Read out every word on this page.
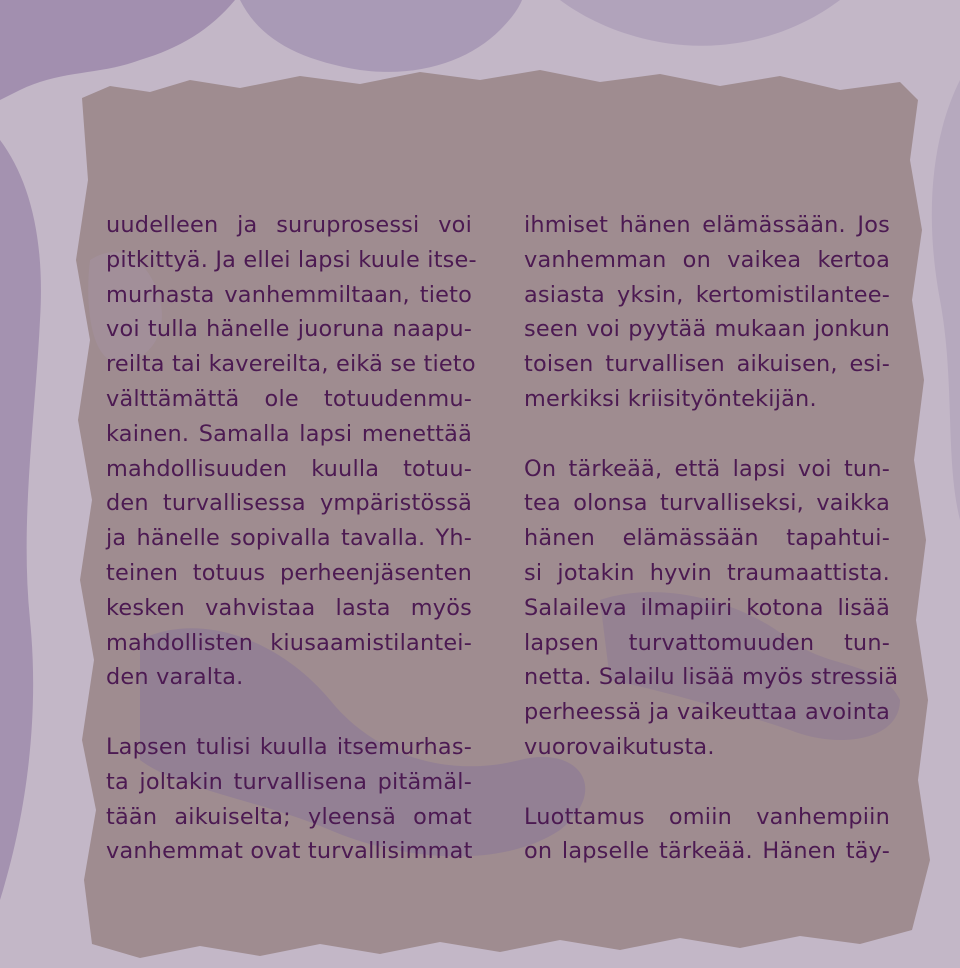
uudelleen ja suruprosessi voi
pitkittyä. Ja ellei lapsi kuule itse-
murhasta vanhemmiltaan, tieto
voi tulla hänelle juoruna naapu-
reilta tai kavereilta, eikä se tieto
välttämättä ole totuudenmu-
kainen. Samalla lapsi menettää
mahdollisuuden kuulla totuu-
den turvallisessa ympäristössä
ja hänelle sopivalla tavalla. Yh-
teinen totuus perheenjäsenten
kesken vahvistaa lasta myös
mahdollisten kiusaamistilantei-
den varalta.
Lapsen tulisi kuulla itsemurhas-
ta joltakin turvallisena pitämäl-
tään aikuiselta; yleensä omat
vanhemmat ovat turvallisimmat
ihmiset hänen elämässään. Jos
vanhemman on vaikea kertoa
asiasta yksin, kertomistilantee-
seen voi pyytää mukaan jonkun
toisen turvallisen aikuisen, esi-
merkiksi kriisityöntekijän.
On tärkeää, että lapsi voi tun-
tea olonsa turvalliseksi, vaikka
hänen elämässään tapahtui-
si jotakin hyvin traumaattista.
Salaileva ilmapiiri kotona lisää
lapsen turvattomuuden tun-
netta. Salailu lisää myös stressiä
perheessä ja vaikeuttaa avointa
vuorovaikutusta.
Luottamus omiin vanhempiin
on lapselle tärkeää. Hänen täy-
